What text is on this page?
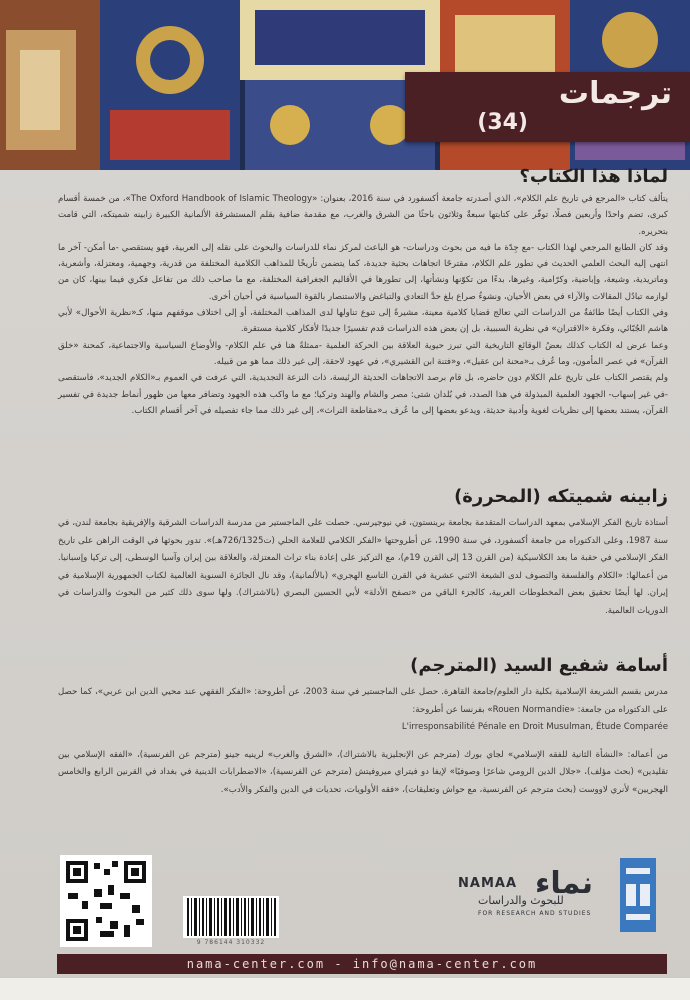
ترجمات
(34)
لماذا هذا الكتاب؟
يتألف كتاب «المرجع في تاريخ علم الكلام»، الذي أصدرته جامعة أكسفورد في سنة 2016، بعنوان: «The Oxford Handbook of Islamic Theology»، من خمسة أقسام كبرى، تضم واحدًا وأربعين فصلًا، توفّر على كتابتها سبعةٌ وثلاثون باحثًا من الشرق والغرب، مع مقدمة ضافية بقلم المستشرقة الألمانية الكبيرة زابينه شميتكه، التي قامت بتحريره.
وقد كان الطابع المرجعي لهذا الكتاب -مع جِدّة ما فيه من بحوث ودراسات- هو الباعث لمركز نماء للدراسات والبحوث على نقله إلى العربية، فهو يستقصي -ما أمكن- آخر ما انتهى إليه البحث العلمي الحديث في تطور علم الكلام، مقترحًا اتجاهات بحثية جديدة، كما يتضمن تأريخًا للمذاهب الكلامية المختلفة من قدرية، وجهمية، ومعتزلة، وأشعرية، وماتريدية، وشيعة، وإباضية، وكرّامية، وغيرها، بدءًا من تكوّنها ونشأتها، إلى تطورها في الأقاليم الجغرافية المختلفة، مع ما صاحب ذلك من تفاعل فكري فيما بينها، كان من لوازمه تبادُل المقالات والآراء في بعض الأحيان، ونشوءُ صراع بلغ حدَّ التعادي والتباغض والاستنصار بالقوة السياسية في أحيان أخرى.
وفي الكتاب أيضًا طائفةٌ من الدراسات التي تعالج قضايا كلامية معينة، مشيرةً إلى تنوع تناولها لدى المذاهب المختلفة، أو إلى اختلاف موقفهم منها، كـ«نظرية الأحوال» لأبي هاشم الجُبّائي، وفكرة «الاقتران» في نظرية السببية، بل إن بعض هذه الدراسات قدم تفسيرًا جديدًا لأفكار كلامية مستقرة.
وعما عرض له الكتاب كذلك بعضُ الوقائع التاريخية التي تبرز حيوية العلاقة بين الحركة العلمية -ممثلةً هنا في علم الكلام- والأوضاع السياسية والاجتماعية، كمحنة «خلق القرآن» في عصر المأمون، وما عُرف بـ«محنة ابن عقيل»، و«فتنة ابن القشيري»، في عهود لاحقة، إلى غير ذلك مما هو من قبيله.
ولم يقتصر الكتاب على تاريخ علم الكلام دون حاضره، بل قام برصد الاتجاهات الحديثة الرئيسة، ذات النزعة التجديدية، التي عرفت في العموم بـ«الكلام الجديد»، فاستقصى -في غير إسهاب- الجهود العلمية المبذولة في هذا الصدد، في بُلدان شتى: مصر والشام والهند وتركيا؛ مع ما واكب هذه الجهود وتضافر معها من ظهور أنماط جديدة في تفسير القرآن، يستند بعضها إلى نظريات لغوية وأدبية حديثة، ويدعو بعضها إلى ما عُرف بـ«مقاطعة التراث»، إلى غير ذلك مما جاء تفصيله في آخر أقسام الكتاب.
زابينه شميتكه (المحررة)
أستاذة تاريخ الفكر الإسلامي بمعهد الدراسات المتقدمة بجامعة برينستون، في نيوجيرسي. حصلت على الماجستير من مدرسة الدراسات الشرقية والإفريقية بجامعة لندن، في سنة 1987، وعلى الدكتوراه من جامعة أكسفورد، في سنة 1990، عن أطروحتها «الفكر الكلامي للعلامة الحلي (ت726/1325هـ)». تدور بحوثها في الوقت الراهن على تاريخ الفكر الإسلامي في حقبة ما بعد الكلاسيكية (من القرن 13 إلى القرن 19م)، مع التركيز على إعادة بناء تراث المعتزلة، والعلاقة بين إيران وآسيا الوسطى، إلى تركيا وإسبانيا. من أعمالها: «الكلام والفلسفة والتصوف لدى الشيعة الاثني عشرية في القرن التاسع الهجري» (بالألمانية)، وقد نال الجائزة السنوية العالمية لكتاب الجمهورية الإسلامية في إيران. لها أيضًا تحقيق بعض المخطوطات العربية، كالجزء الباقي من «تصفح الأدلة» لأبي الحسين البصري (بالاشتراك). ولها سوى ذلك كثير من البحوث والدراسات في الدوريات العالمية.
أسامة شفيع السيد (المترجم)
مدرس بقسم الشريعة الإسلامية بكلية دار العلوم/جامعة القاهرة. حصل على الماجستير في سنة 2003، عن أطروحة: «الفكر الفقهي عند محيي الدين ابن عربي»، كما حصل على الدكتوراه من جامعة: «Rouen Normandie» بفرنسا عن أطروحة:
L'irresponsabilité Pénale en Droit Musulman, Étude Comparée
من أعماله: «النشأة الثانية للفقه الإسلامي» لجاي بورك (مترجم عن الإنجليزية بالاشتراك)، «الشرق والغرب» لرينيه جينو (مترجم عن الفرنسية)، «الفقه الإسلامي بين تقليدين» (بحث مؤلف)، «جلال الدين الرومي شاعرًا وصوفيًا» لإيفا دو فيتراي ميروفيتش (مترجم عن الفرنسية)، «الاضطرابات الدينية في بغداد في القرنين الرابع والخامس الهجريين» لأنري لاووست (بحث مترجم عن الفرنسية، مع حواش وتعليقات)، «فقه الأولويات، تحديات في الدين والفكر والأدب».
9 786144 310332
NAMAA نماء
للبحوث والدراسات
FOR RESEARCH AND STUDIES
nama-center.com - info@nama-center.com
